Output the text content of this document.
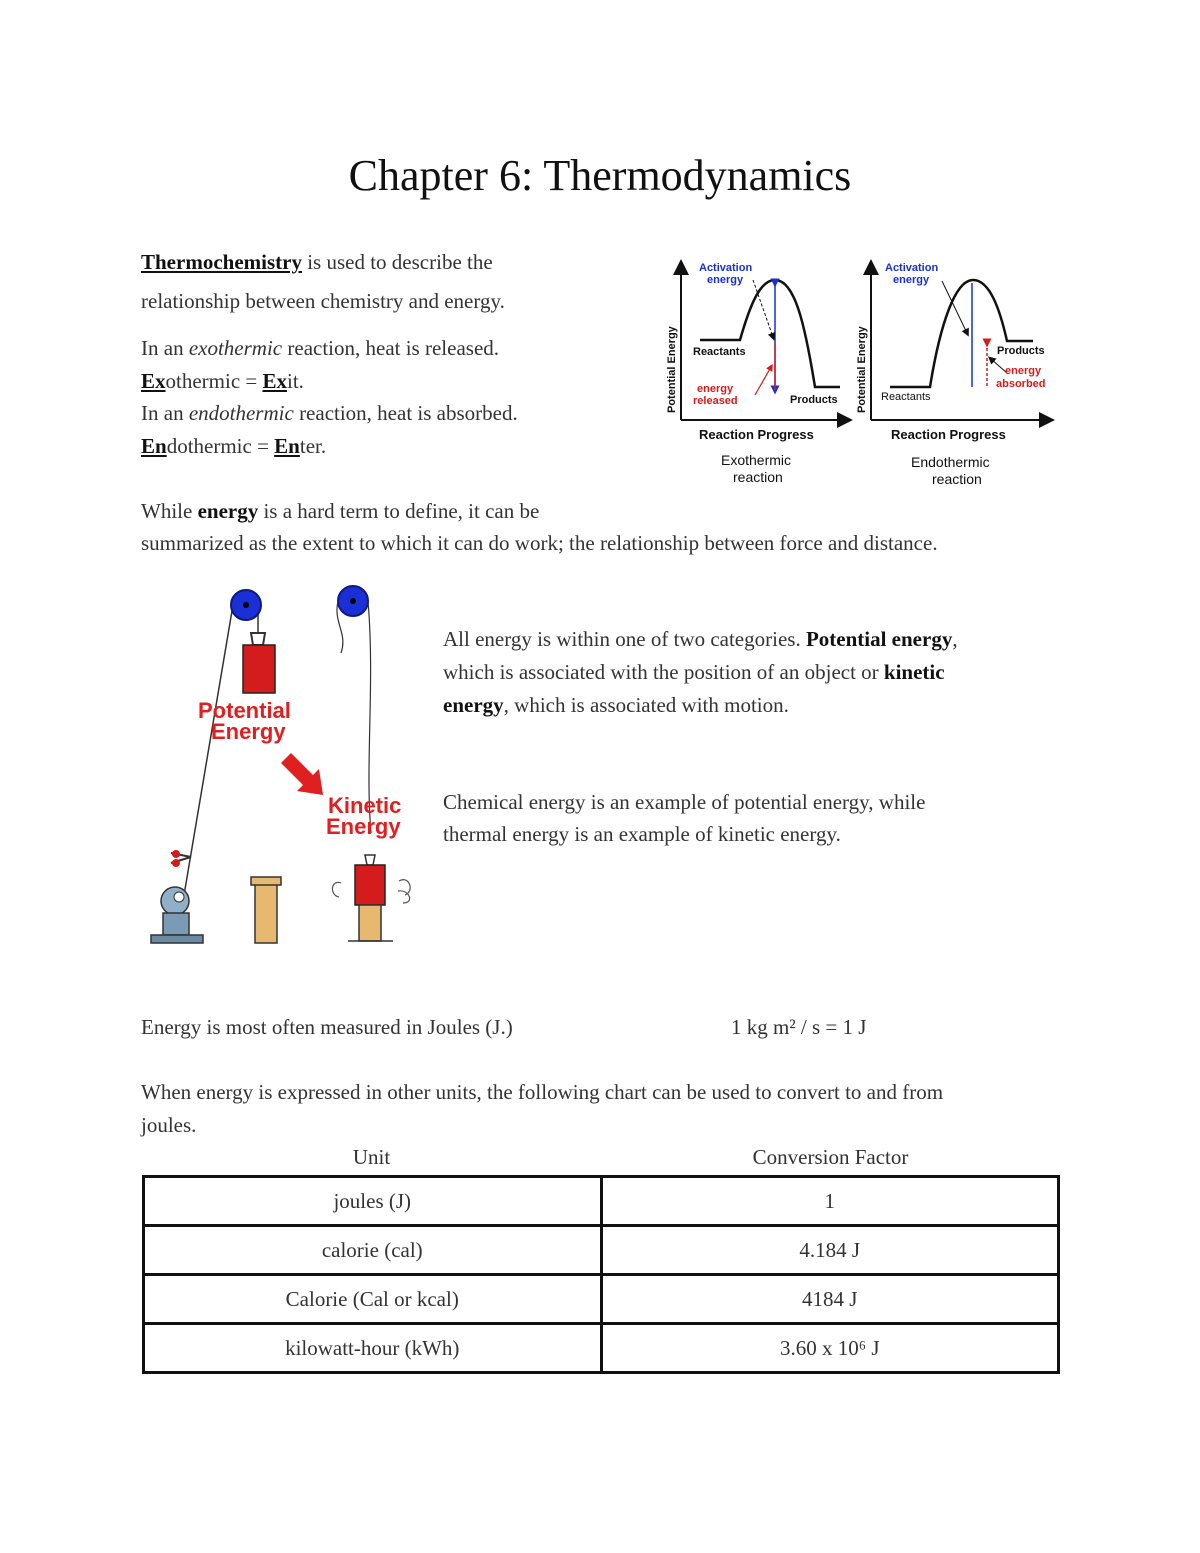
Chapter 6: Thermodynamics
Thermochemistry is used to describe the
relationship between chemistry and energy.
In an exothermic reaction, heat is released.
Exothermic = Exit.
In an endothermic reaction, heat is absorbed.
Endothermic = Enter.
Activation
energy
Potential Energy Reactants
Products
energy
released
Reaction Progress
Exothermic
reaction
Activation
energy
Potential Energy Reactants
Products
energy
absorbed
Reaction Progress
Endothermic
reaction
While energy is a hard term to define, it can be
summarized as the extent to which it can do work; the relationship between force and distance.
Potential
Energy
Kinetic
Energy
All energy is within one of two categories. Potential energy,
which is associated with the position of an object or kinetic
energy, which is associated with motion.
Chemical energy is an example of potential energy, while
thermal energy is an example of kinetic energy.
Energy is most often measured in Joules (J.)	1 kg m² / s = 1 J
When energy is expressed in other units, the following chart can be used to convert to and from
joules.
Unit	Conversion Factor
joules (J)	1
calorie (cal)	4.184 J
Calorie (Cal or kcal)	4184 J
kilowatt-hour (kWh)	3.60 x 10⁶ J
